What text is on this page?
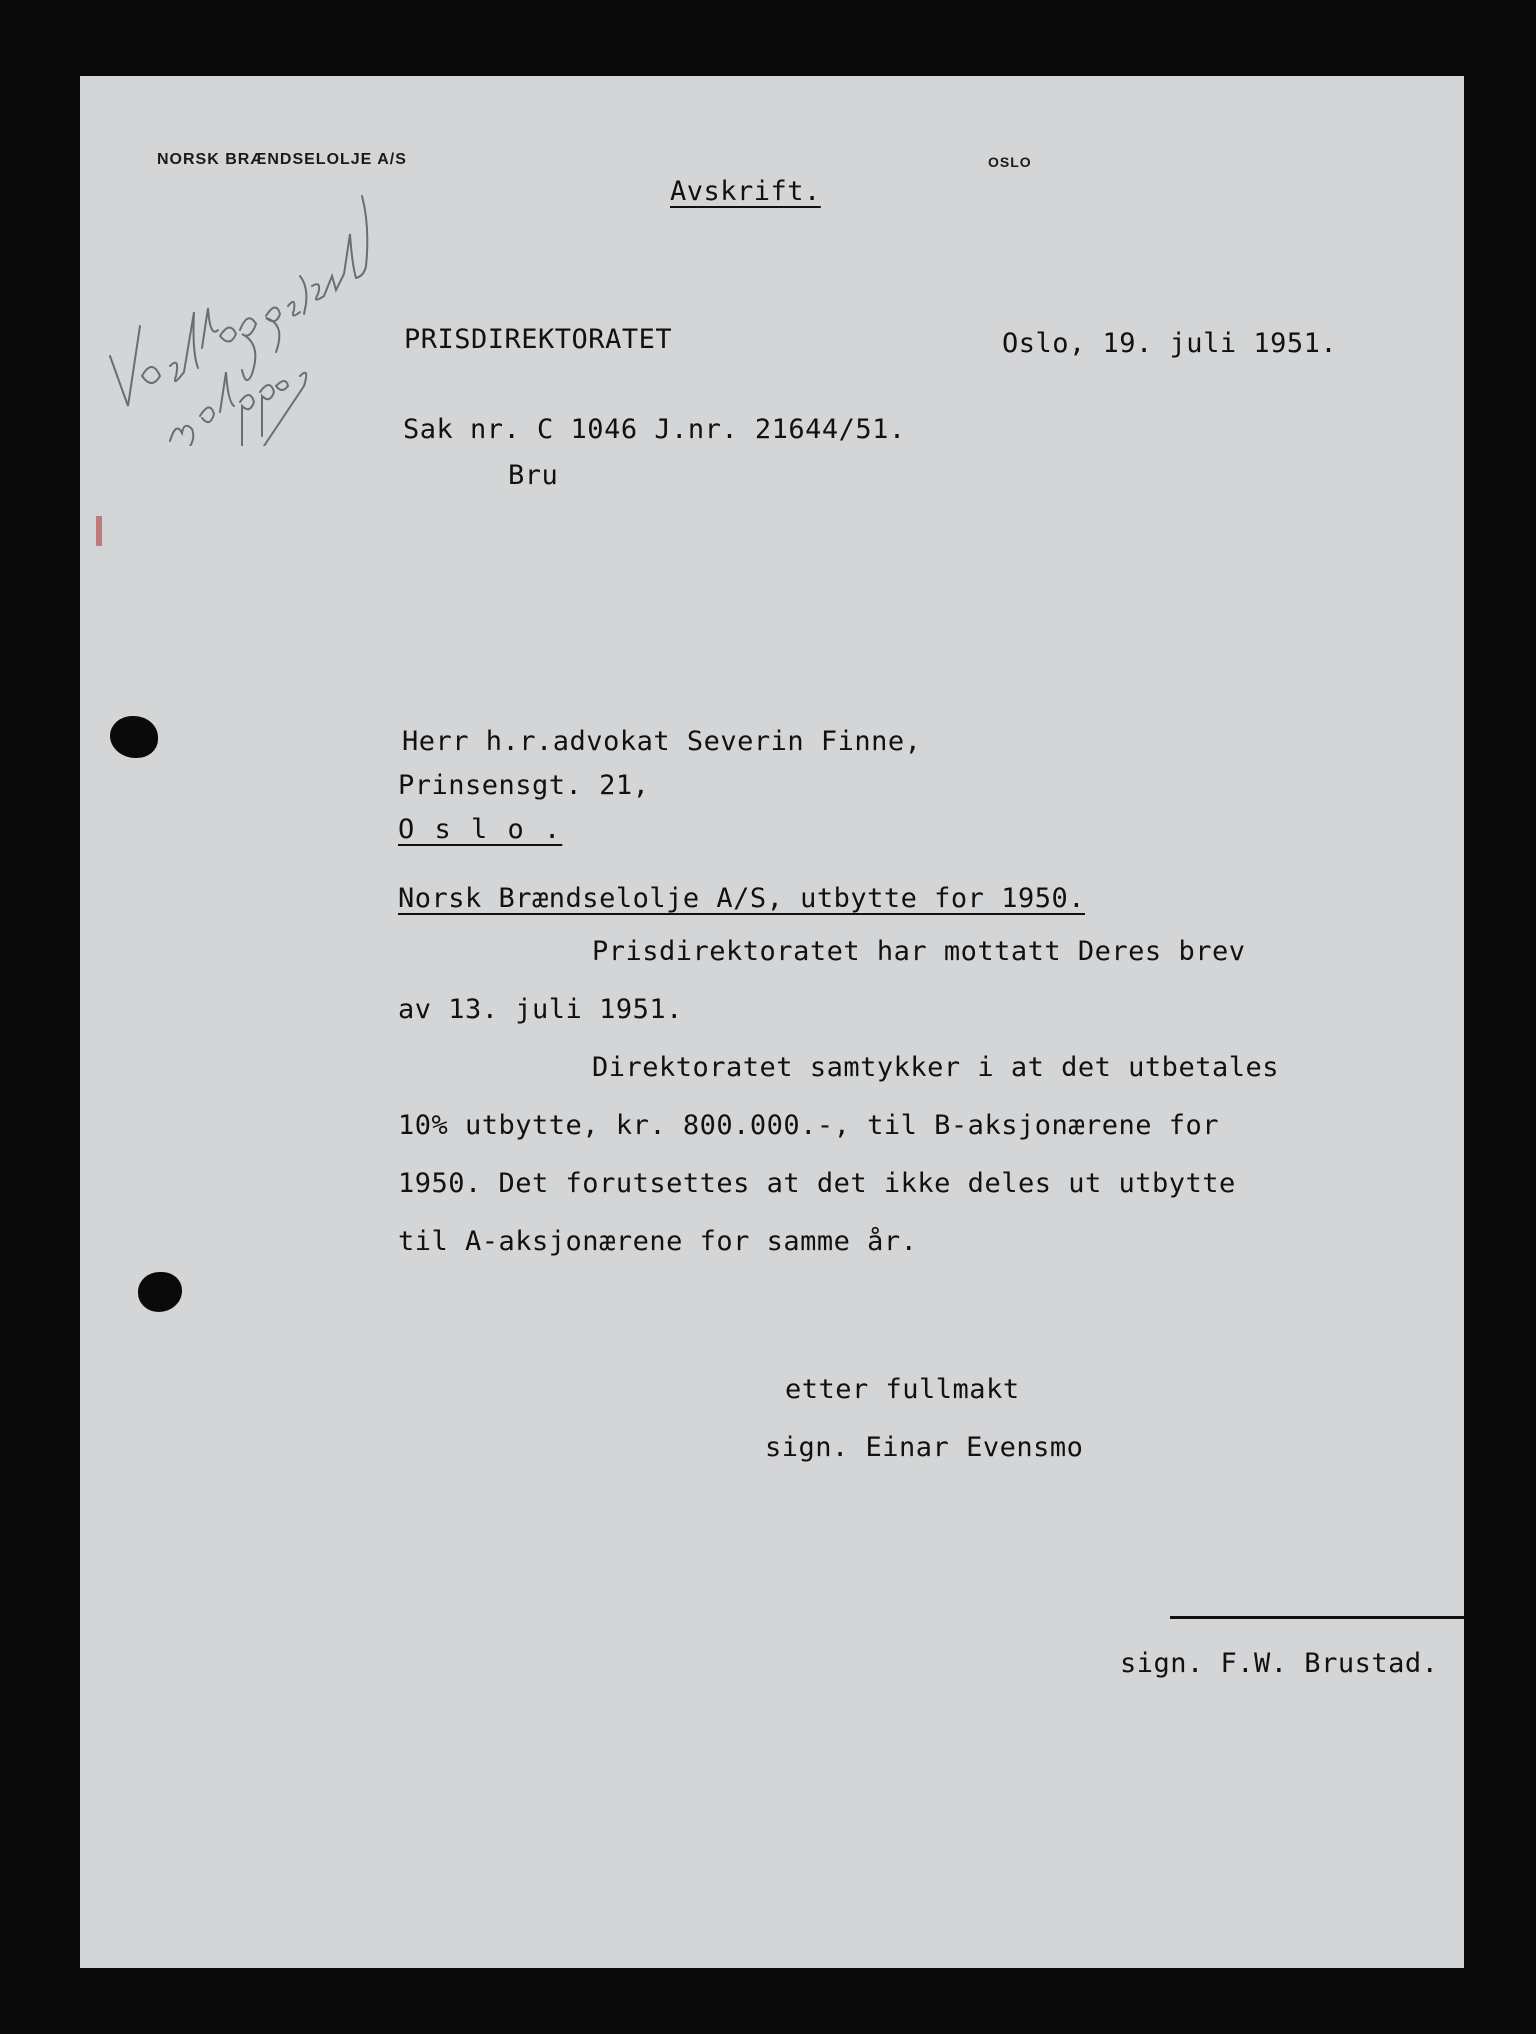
NORSK BRÆNDSELOLJE A/S	OSLO
Avskrift.
PRISDIREKTORATET	Oslo, 19. juli 1951.
Sak nr. C 1046 J.nr. 21644/51.
Bru
Herr h.r.advokat Severin Finne,
Prinsensgt. 21,
O s l o .
Norsk Brændselolje A/S, utbytte for 1950.
Prisdirektoratet har mottatt Deres brev
av 13. juli 1951.
Direktoratet samtykker i at det utbetales
10% utbytte, kr. 800.000.-, til B-aksjonærene for
1950. Det forutsettes at det ikke deles ut utbytte
til A-aksjonærene for samme år.
etter fullmakt
sign. Einar Evensmo
sign. F.W. Brustad.
